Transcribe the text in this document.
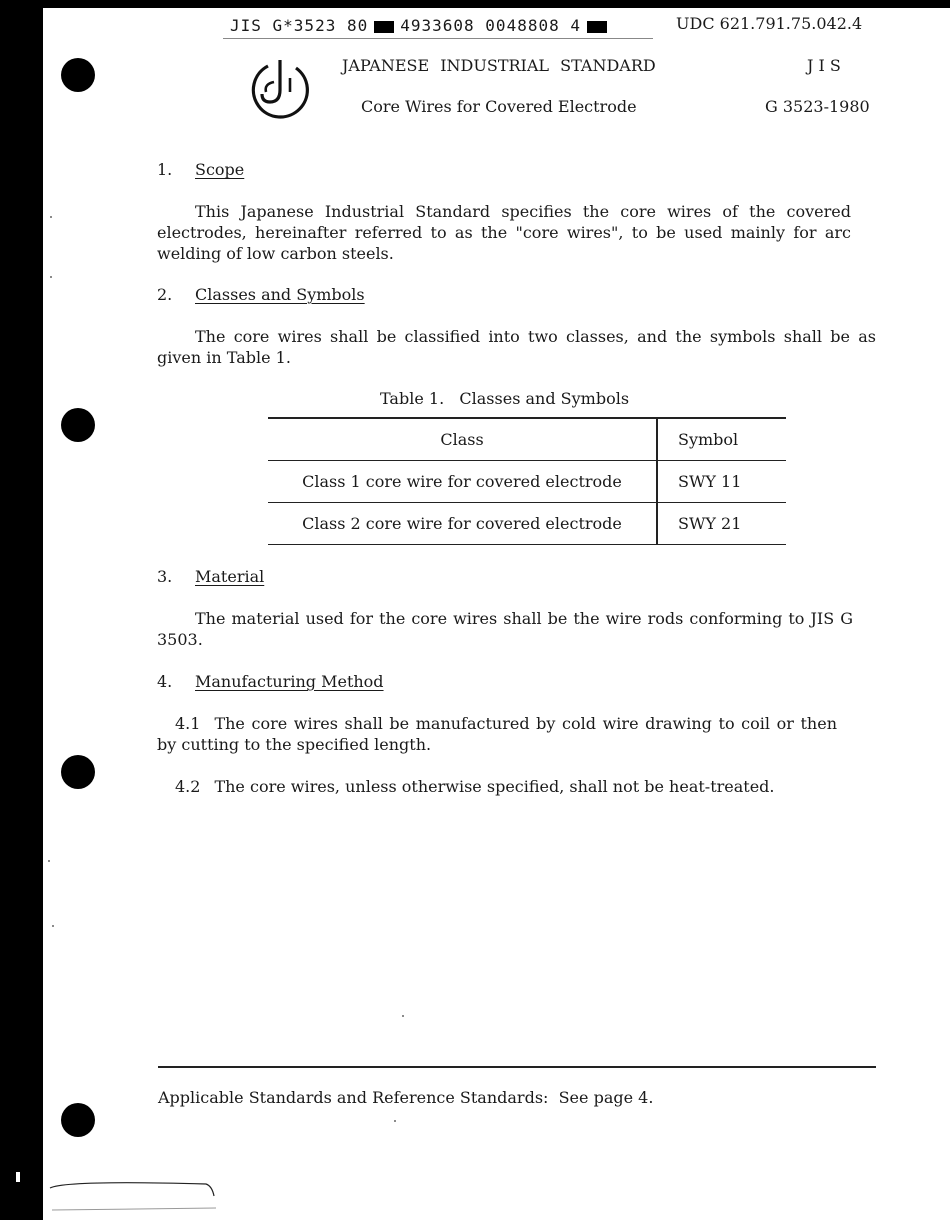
JIS G*3523 80 4933608 0048808 4	UDC 621.791.75.042.4
JAPANESE INDUSTRIAL STANDARD	J I S
Core Wires for Covered Electrode	G 3523-1980
1. Scope
This Japanese Industrial Standard specifies the core wires of the covered electrodes, hereinafter referred to as the "core wires", to be used mainly for arc welding of low carbon steels.
2. Classes and Symbols
The core wires shall be classified into two classes, and the symbols shall be as given in Table 1.
Table 1.   Classes and Symbols
Class	Symbol
Class 1 core wire for covered electrode	SWY 11
Class 2 core wire for covered electrode	SWY 21
3. Material
The material used for the core wires shall be the wire rods conforming to JIS G 3503.
4. Manufacturing Method
4.1 The core wires shall be manufactured by cold wire drawing to coil or then by cutting to the specified length.
4.2 The core wires, unless otherwise specified, shall not be heat-treated.
Applicable Standards and Reference Standards:  See page 4.
